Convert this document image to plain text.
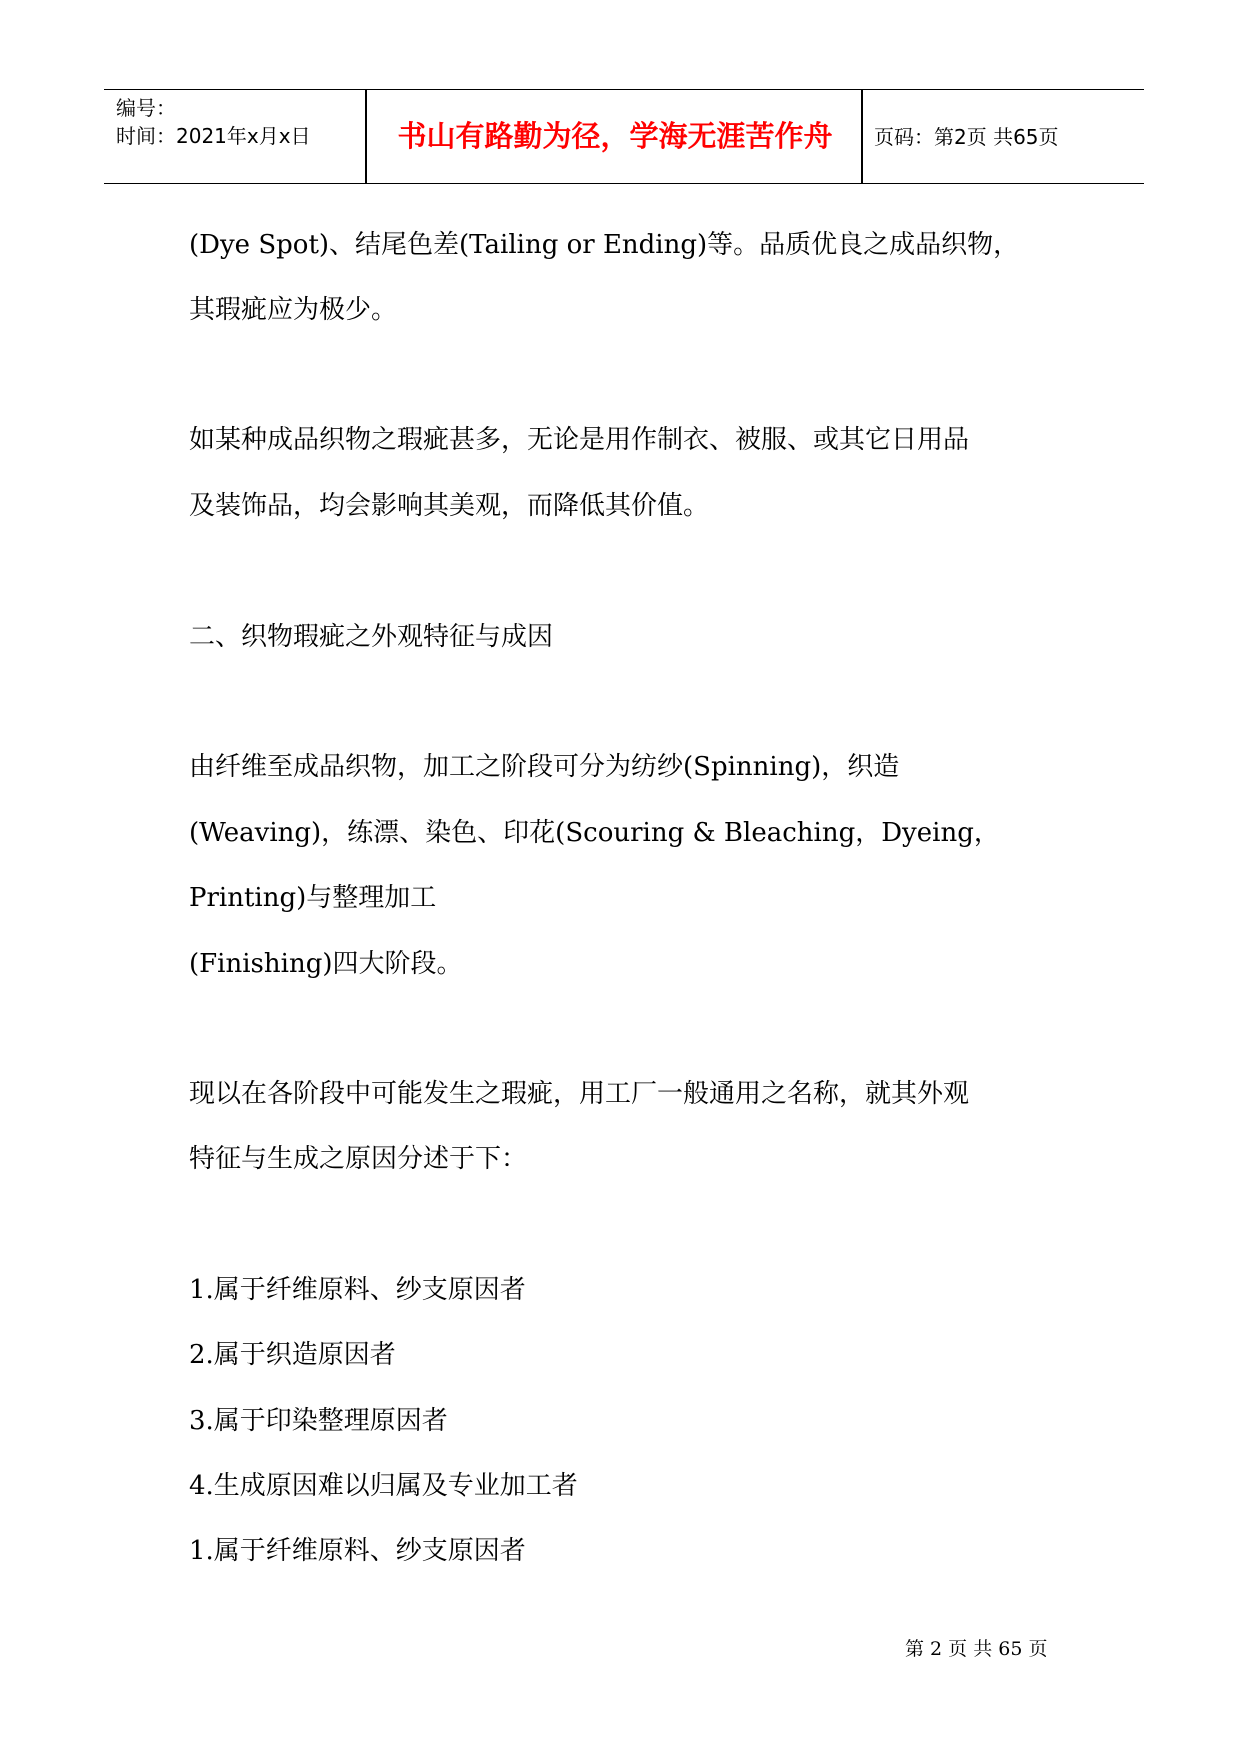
编号：
时间：2021年x月x日	书山有路勤为径，学海无涯苦作舟	页码：第2页 共65页
(Dye Spot)、结尾色差(Tailing or Ending)等。品质优良之成品织物，
其瑕疵应为极少。
如某种成品织物之瑕疵甚多，无论是用作制衣、被服、或其它日用品
及装饰品，均会影响其美观，而降低其价值。
二、织物瑕疵之外观特征与成因
由纤维至成品织物，加工之阶段可分为纺纱(Spinning)，织造
(Weaving)，练漂、染色、印花(Scouring & Bleaching，Dyeing，
Printing)与整理加工
(Finishing)四大阶段。
现以在各阶段中可能发生之瑕疵，用工厂一般通用之名称，就其外观
特征与生成之原因分述于下：
1.属于纤维原料、纱支原因者
2.属于织造原因者
3.属于印染整理原因者
4.生成原因难以归属及专业加工者
1.属于纤维原料、纱支原因者
第 2 页 共 65 页
